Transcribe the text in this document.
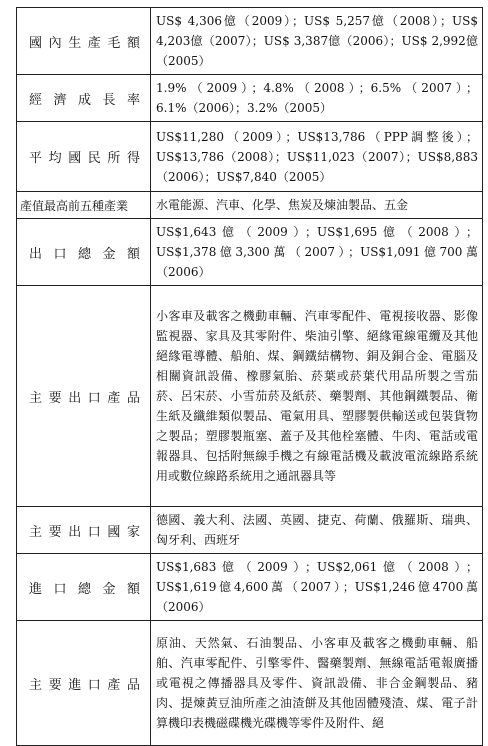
國內生產毛額	US$ 4,306億（2009）；US$ 5,257億（2008）；US$ 4,203億（2007）；US$ 3,387億（2006）；US$ 2,992億（2005）

經濟成長率	1.9%（2009）；4.8%（2008）；6.5%（2007）；6.1%（2006）；3.2%（2005）

平均國民所得	US$11,280（2009）；US$13,786（PPP調整後）；US$13,786（2008）；US$11,023（2007）；US$8,883（2006）；US$7,840（2005）

產值最高前五種產業	水電能源、汽車、化學、焦炭及煉油製品、五金

出口總金額	US$1,643億（2009）；US$1,695億（2008）；US$1,378億3,300萬（2007）；US$1,091億700萬（2006）

主要出口產品	小客車及載客之機動車輛、汽車零配件、電視接收器、影像監視器、家具及其零附件、柴油引擎、絕緣電線電纜及其他絕緣電導體、船舶、煤、鋼鐵結構物、銅及銅合金、電腦及相關資訊設備、橡膠氣胎、菸葉或菸葉代用品所製之雪茄菸、呂宋菸、小雪茄菸及紙菸、藥製劑、其他鋼鐵製品、衛生紙及纖維類似製品、電氣用具、塑膠製供輸送或包裝貨物之製品；塑膠製瓶塞、蓋子及其他栓塞體、牛肉、電話或電報器具、包括附無線手機之有線電話機及載波電流線路系統用或數位線路系統用之通訊器具等

主要出口國家	德國、義大利、法國、英國、捷克、荷蘭、俄羅斯、瑞典、匈牙利、西班牙

進口總金額	US$1,683億（2009）；US$2,061億（2008）；US$1,619億4,600萬（2007）；US$1,246億4700萬（2006）

主要進口產品	原油、天然氣、石油製品、小客車及載客之機動車輛、船舶、汽車零配件、引擎零件、醫藥製劑、無線電話電報廣播或電視之傳播器具及零件、資訊設備、非合金鋼製品、豬肉、提煉黃豆油所產之油渣餅及其他固體殘渣、煤、電子計算機印表機磁碟機光碟機等零件及附件、絕
